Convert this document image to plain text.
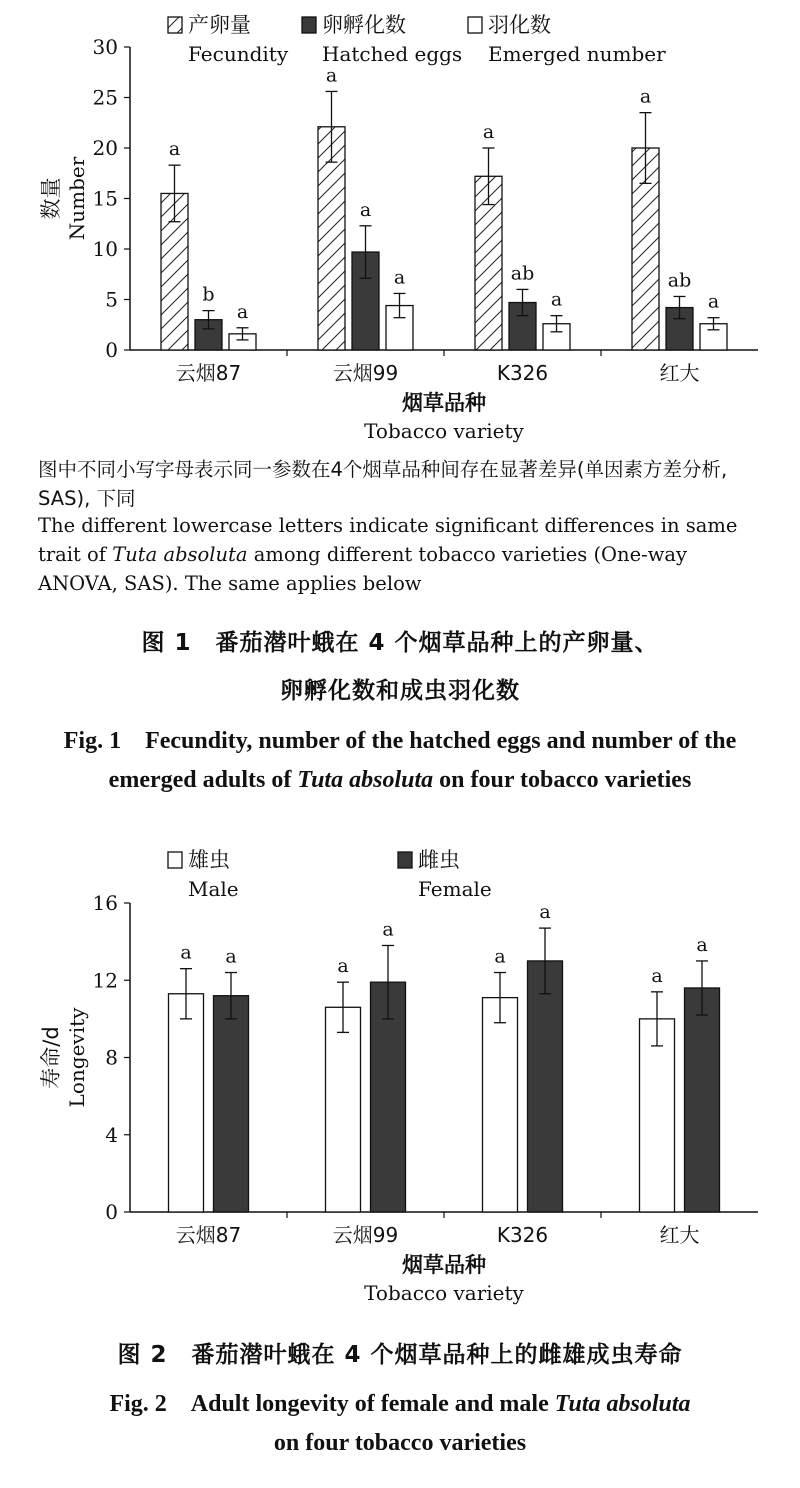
0
5
10
15
20
25
30
云烟87
a
b
a
云烟99
a
a
a
K326
a
ab
a
红大
a
ab
a
产卵量
Fecundity
卵孵化数
Hatched eggs
羽化数
Emerged number
数量 Number
烟草品种
Tobacco variety

图中不同小写字母表示同一参数在4个烟草品种间存在显著差异(单因素方差分析, SAS), 下同

The different lowercase letters indicate significant differences in same trait of Tuta absoluta among different tobacco varieties (One-way ANOVA, SAS). The same applies below

图 1　番茄潜叶蛾在 4 个烟草品种上的产卵量、

卵孵化数和成虫羽化数

Fig. 1　Fecundity, number of the hatched eggs and number of the

emerged adults of Tuta absoluta on four tobacco varieties

0
4
8
12
16
云烟87
a a
云烟99
a
a
K326
a
a
红大
a
a
雄虫
Male
雌虫
Female
寿命/d Longevity
烟草品种
Tobacco variety

图 2　番茄潜叶蛾在 4 个烟草品种上的雌雄成虫寿命

Fig. 2　Adult longevity of female and male Tuta absoluta

on four tobacco varieties
